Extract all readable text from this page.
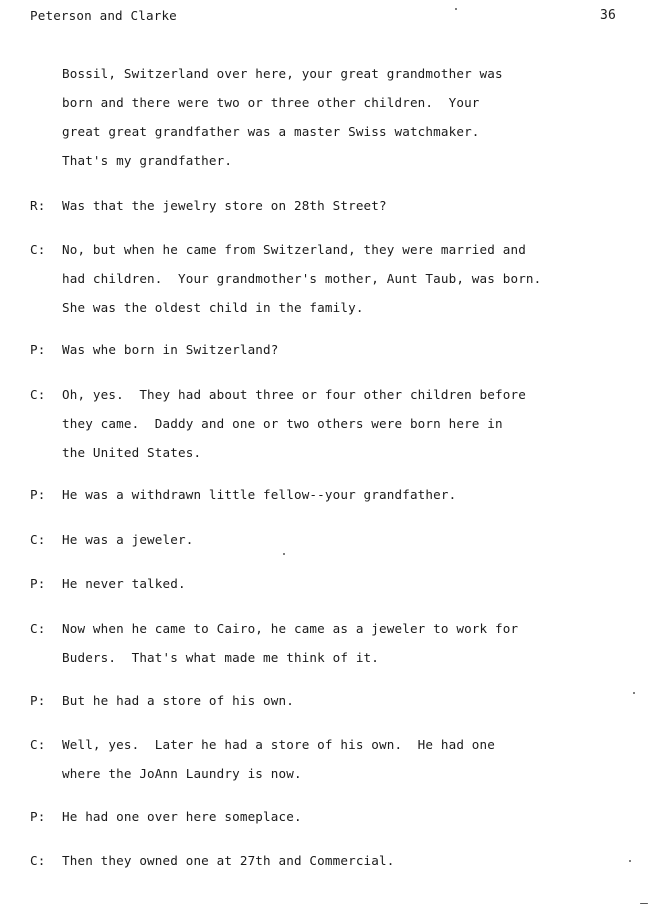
Peterson and Clarke	36
Bossil, Switzerland over here, your great grandmother was
born and there were two or three other children.  Your
great great grandfather was a master Swiss watchmaker.
That's my grandfather.
R: Was that the jewelry store on 28th Street?
C: No, but when he came from Switzerland, they were married and
had children.  Your grandmother's mother, Aunt Taub, was born.
She was the oldest child in the family.
P: Was whe born in Switzerland?
C: Oh, yes.  They had about three or four other children before
they came.  Daddy and one or two others were born here in
the United States.
P: He was a withdrawn little fellow--your grandfather.
C: He was a jeweler.
P: He never talked.
C: Now when he came to Cairo, he came as a jeweler to work for
Buders.  That's what made me think of it.
P: But he had a store of his own.
C: Well, yes.  Later he had a store of his own.  He had one
where the JoAnn Laundry is now.
P: He had one over here someplace.
C: Then they owned one at 27th and Commercial.
